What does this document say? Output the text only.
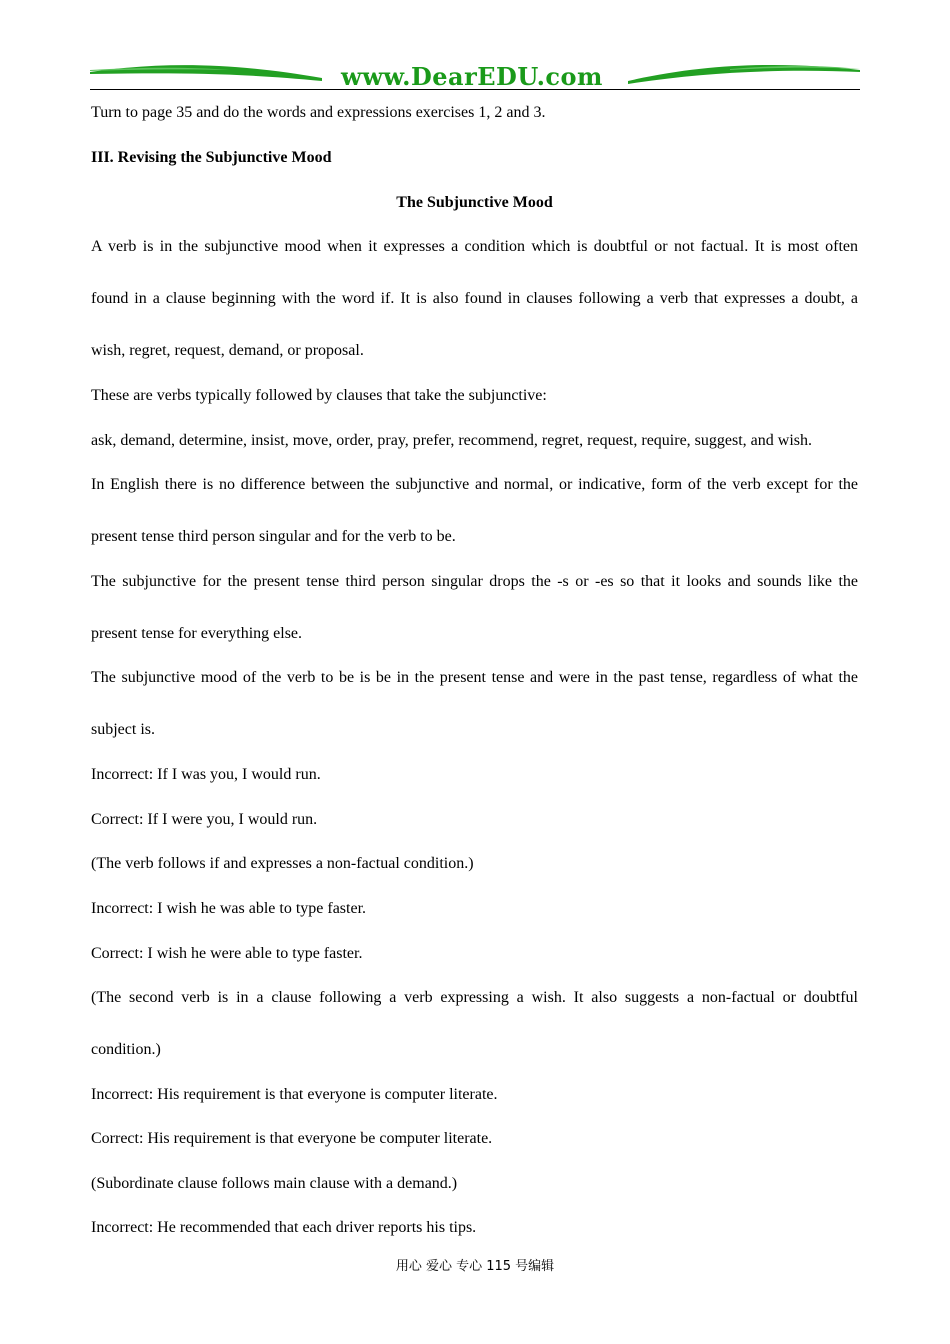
www.DearEDU.com

Turn to page 35 and do the words and expressions exercises 1, 2 and 3.

III. Revising the Subjunctive Mood

The Subjunctive Mood

A verb is in the subjunctive mood when it expresses a condition which is doubtful or not factual. It is most often

found in a clause beginning with the word if. It is also found in clauses following a verb that expresses a doubt, a

wish, regret, request, demand, or proposal.

These are verbs typically followed by clauses that take the subjunctive:

ask, demand, determine, insist, move, order, pray, prefer, recommend, regret, request, require, suggest, and wish.

In English there is no difference between the subjunctive and normal, or indicative, form of the verb except for the

present tense third person singular and for the verb to be.

The subjunctive for the present tense third person singular drops the -s or -es so that it looks and sounds like the

present tense for everything else.

The subjunctive mood of the verb to be is be in the present tense and were in the past tense, regardless of what the

subject is.

Incorrect: If I was you, I would run.

Correct: If I were you, I would run.

(The verb follows if and expresses a non-factual condition.)

Incorrect: I wish he was able to type faster.

Correct: I wish he were able to type faster.

(The second verb is in a clause following a verb expressing a wish. It also suggests a non-factual or doubtful

condition.)

Incorrect: His requirement is that everyone is computer literate.

Correct: His requirement is that everyone be computer literate.

(Subordinate clause follows main clause with a demand.)

Incorrect: He recommended that each driver reports his tips.

用心 爱心 专心 115 号编辑
